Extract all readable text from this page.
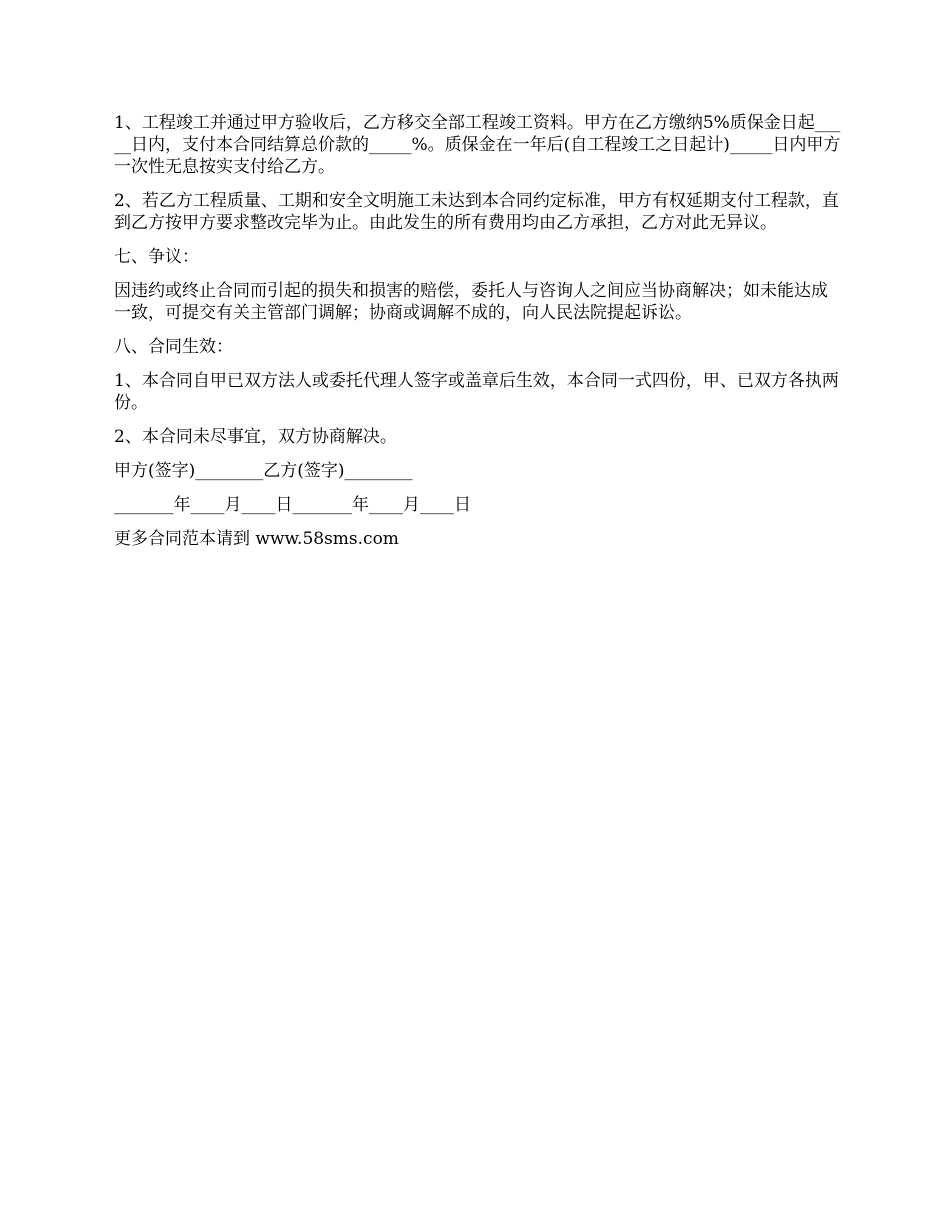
1、工程竣工并通过甲方验收后，乙方移交全部工程竣工资料。甲方在乙方缴纳5%质保金日起_____日内，支付本合同结算总价款的_____%。质保金在一年后(自工程竣工之日起计)_____日内甲方一次性无息按实支付给乙方。

2、若乙方工程质量、工期和安全文明施工未达到本合同约定标准，甲方有权延期支付工程款，直到乙方按甲方要求整改完毕为止。由此发生的所有费用均由乙方承担，乙方对此无异议。

七、争议：

因违约或终止合同而引起的损失和损害的赔偿，委托人与咨询人之间应当协商解决；如未能达成一致，可提交有关主管部门调解；协商或调解不成的，向人民法院提起诉讼。

八、合同生效：

1、本合同自甲已双方法人或委托代理人签字或盖章后生效，本合同一式四份，甲、已双方各执两份。

2、本合同未尽事宜，双方协商解决。

甲方(签字)________乙方(签字)________

_______年____月____日_______年____月____日

更多合同范本请到 www.58sms.com
